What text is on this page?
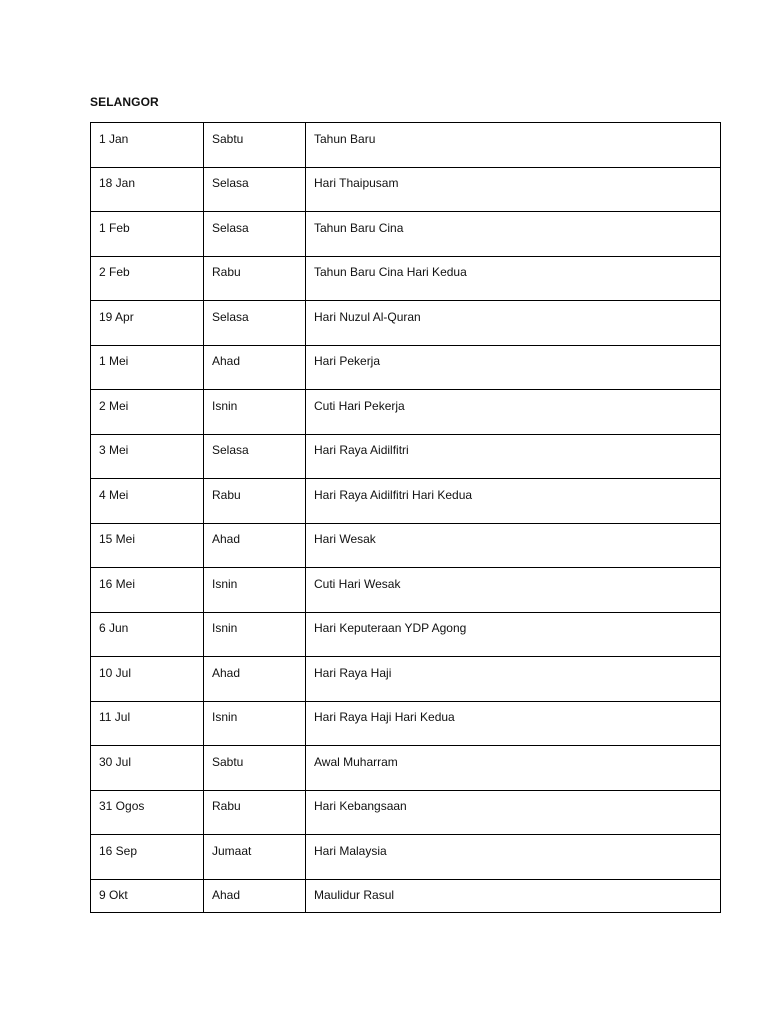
SELANGOR
1 Jan	Sabtu	Tahun Baru
18 Jan	Selasa	Hari Thaipusam
1 Feb	Selasa	Tahun Baru Cina
2 Feb	Rabu	Tahun Baru Cina Hari Kedua
19 Apr	Selasa	Hari Nuzul Al-Quran
1 Mei	Ahad	Hari Pekerja
2 Mei	Isnin	Cuti Hari Pekerja
3 Mei	Selasa	Hari Raya Aidilfitri
4 Mei	Rabu	Hari Raya Aidilfitri Hari Kedua
15 Mei	Ahad	Hari Wesak
16 Mei	Isnin	Cuti Hari Wesak
6 Jun	Isnin	Hari Keputeraan YDP Agong
10 Jul	Ahad	Hari Raya Haji
11 Jul	Isnin	Hari Raya Haji Hari Kedua
30 Jul	Sabtu	Awal Muharram
31 Ogos	Rabu	Hari Kebangsaan
16 Sep	Jumaat	Hari Malaysia
9 Okt	Ahad	Maulidur Rasul
